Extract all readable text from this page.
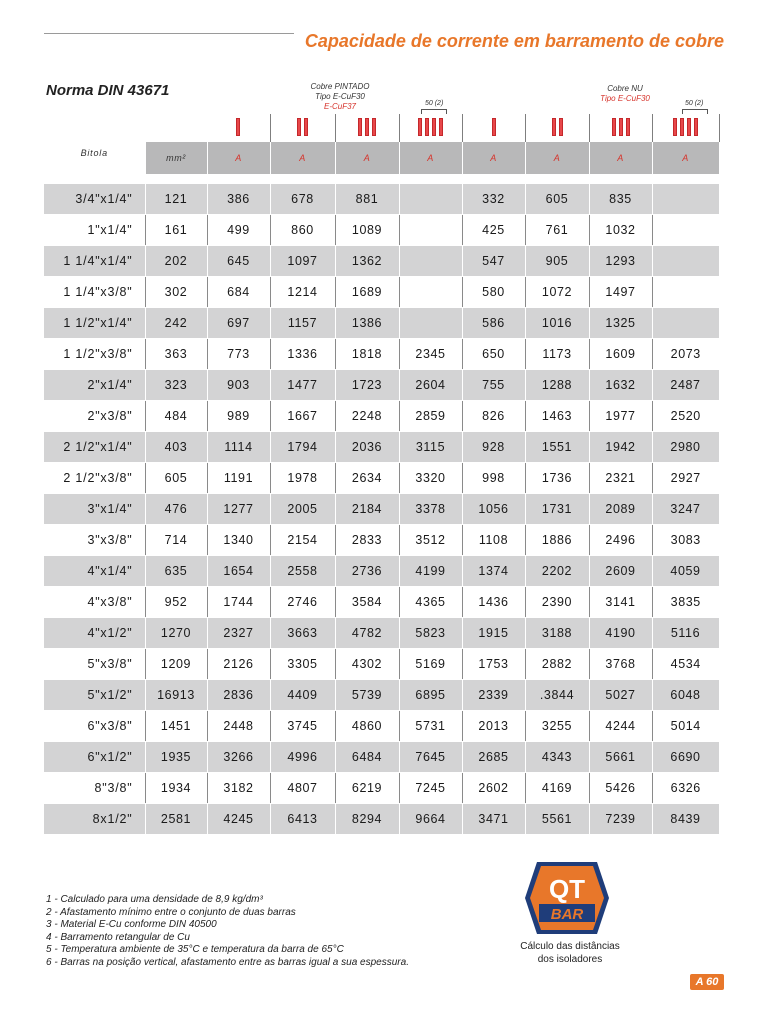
Capacidade de corrente em barramento de cobre
Norma DIN 43671	Cobre PINTADO
Tipo E-CuF30
E-CuF37
Cobre NU
Tipo E-CuF30
50 (2)	50 (2)

Bitola	mm²	A	A	A	A	A	A	A	A

3/4"x1/4"	121	386	678	881		332	605	835	
1"x1/4"	161	499	860	1089		425	761	1032	
1 1/4"x1/4"	202	645	1097	1362		547	905	1293	
1 1/4"x3/8"	302	684	1214	1689		580	1072	1497	
1 1/2"x1/4"	242	697	1157	1386		586	1016	1325	
1 1/2"x3/8"	363	773	1336	1818	2345	650	1173	1609	2073
2"x1/4"	323	903	1477	1723	2604	755	1288	1632	2487
2"x3/8"	484	989	1667	2248	2859	826	1463	1977	2520
2 1/2"x1/4"	403	1114	1794	2036	3115	928	1551	1942	2980
2 1/2"x3/8"	605	1191	1978	2634	3320	998	1736	2321	2927
3"x1/4"	476	1277	2005	2184	3378	1056	1731	2089	3247
3"x3/8"	714	1340	2154	2833	3512	1108	1886	2496	3083
4"x1/4"	635	1654	2558	2736	4199	1374	2202	2609	4059
4"x3/8"	952	1744	2746	3584	4365	1436	2390	3141	3835
4"x1/2"	1270	2327	3663	4782	5823	1915	3188	4190	5116
5"x3/8"	1209	2126	3305	4302	5169	1753	2882	3768	4534
5"x1/2"	16913	2836	4409	5739	6895	2339	.3844	5027	6048
6"x3/8"	1451	2448	3745	4860	5731	2013	3255	4244	5014
6"x1/2"	1935	3266	4996	6484	7645	2685	4343	5661	6690
8"3/8"	1934	3182	4807	6219	7245	2602	4169	5426	6326
8x1/2"	2581	4245	6413	8294	9664	3471	5561	7239	8439
1 - Calculado para uma densidade de 8,9 kg/dm³
2 - Afastamento mínimo entre o conjunto de duas barras
3 - Material E-Cu conforme DIN 40500
4 - Barramento retangular de Cu
5 - Temperatura ambiente de 35°C e temperatura da barra de 65°C
6 - Barras na posição vertical, afastamento entre as barras igual a sua espessura.
QT
BAR
Cálculo das distâncias
dos isoladores
A 60
